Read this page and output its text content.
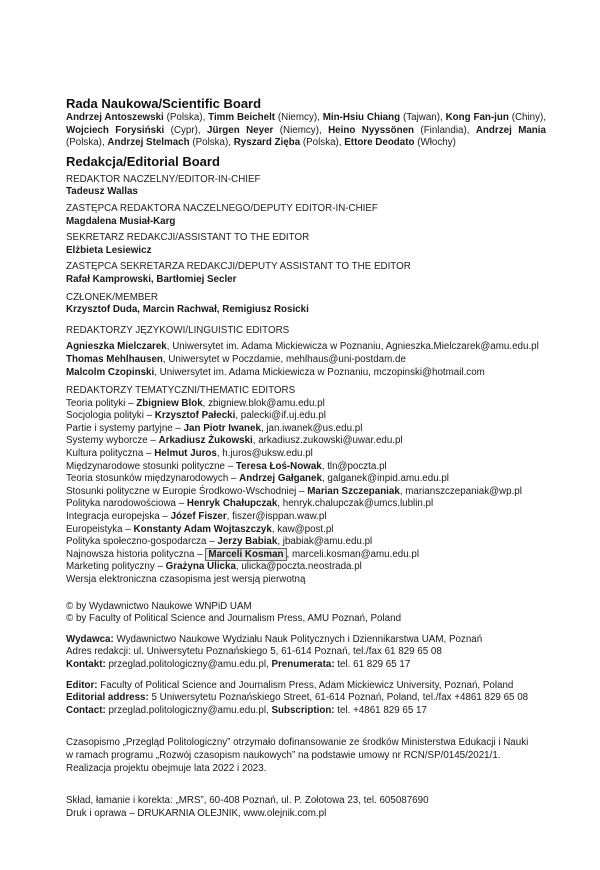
Rada Naukowa/Scientific Board

Andrzej Antoszewski (Polska), Timm Beichelt (Niemcy), Min-Hsiu Chiang (Tajwan), Kong Fan-jun (Chiny), Wojciech Forysiński (Cypr), Jürgen Neyer (Niemcy), Heino Nyyssönen (Finlandia), Andrzej Mania (Polska), Andrzej Stelmach (Polska), Ryszard Zięba (Polska), Ettore Deodato (Włochy)

Redakcja/Editorial Board

REDAKTOR NACZELNY/EDITOR-IN-CHIEF

Tadeusz Wallas

ZASTĘPCA REDAKTORA NACZELNEGO/DEPUTY EDITOR-IN-CHIEF

Magdalena Musiał-Karg

SEKRETARZ REDAKCJI/ASSISTANT TO THE EDITOR

Elżbieta Lesiewicz

ZASTĘPCA SEKRETARZA REDAKCJI/DEPUTY ASSISTANT TO THE EDITOR

Rafał Kamprowski, Bartłomiej Secler

CZŁONEK/MEMBER

Krzysztof Duda, Marcin Rachwał, Remigiusz Rosicki

REDAKTORZY JĘZYKOWI/LINGUISTIC EDITORS

Agnieszka Mielczarek, Uniwersytet im. Adama Mickiewicza w Poznaniu, Agnieszka.Mielczarek@amu.edu.pl

Thomas Mehlhausen, Uniwersytet w Poczdamie, mehlhaus@uni-postdam.de

Malcolm Czopinski, Uniwersytet im. Adama Mickiewicza w Poznaniu, mczopinski@hotmail.com

REDAKTORZY TEMATYCZNI/THEMATIC EDITORS

Teoria polityki – Zbigniew Blok, zbigniew.blok@amu.edu.pl

Socjologia polityki – Krzysztof Pałecki, palecki@if.uj.edu.pl

Partie i systemy partyjne – Jan Piotr Iwanek, jan.iwanek@us.edu.pl

Systemy wyborcze – Arkadiusz Żukowski, arkadiusz.zukowski@uwar.edu.pl

Kultura polityczna – Helmut Juros, h.juros@uksw.edu.pl

Międzynarodowe stosunki polityczne – Teresa Łoś-Nowak, tln@poczta.pl

Teoria stosunków międzynarodowych – Andrzej Gałganek, galganek@inpid.amu.edu.pl

Stosunki polityczne w Europie Środkowo-Wschodniej – Marian Szczepaniak, marianszczepaniak@wp.pl

Polityka narodowościowa – Henryk Chałupczak, henryk.chalupczak@umcs.lublin.pl

Integracja europejska – Józef Fiszer, fiszer@isppan.waw.pl

Europeistyka – Konstanty Adam Wojtaszczyk, kaw@post.pl

Polityka społeczno-gospodarcza – Jerzy Babiak, jbabiak@amu.edu.pl

Najnowsza historia polityczna – Marceli Kosman , marceli.kosman@amu.edu.pl

Marketing polityczny – Grażyna Ulicka, ulicka@poczta.neostrada.pl

Wersja elektroniczna czasopisma jest wersją pierwotną

© by Wydawnictwo Naukowe WNPiD UAM

© by Faculty of Political Science and Journalism Press, AMU Poznań, Poland

Wydawca: Wydawnictwo Naukowe Wydziału Nauk Politycznych i Dziennikarstwa UAM, Poznań

Adres redakcji: ul. Uniwersytetu Poznańskiego 5, 61-614 Poznań, tel./fax 61 829 65 08

Kontakt: przeglad.politologiczny@amu.edu.pl, Prenumerata: tel. 61 829 65 17

Editor: Faculty of Political Science and Journalism Press, Adam Mickiewicz University, Poznań, Poland

Editorial address: 5 Uniwersytetu Poznańskiego Street, 61-614 Poznań, Poland, tel./fax +4861 829 65 08

Contact: przeglad.politologiczny@amu.edu.pl, Subscription: tel. +4861 829 65 17

Czasopismo „Przegląd Politologiczny” otrzymało dofinansowanie ze środków Ministerstwa Edukacji i Nauki

w ramach programu „Rozwój czasopism naukowych” na podstawie umowy nr RCN/SP/0145/2021/1.

Realizacja projektu obejmuje lata 2022 i 2023.

Skład, łamanie i korekta: „MRS”, 60-408 Poznań, ul. P. Zołotowa 23, tel. 605087690

Druk i oprawa – DRUKARNIA OLEJNIK, www.olejnik.com.pl
